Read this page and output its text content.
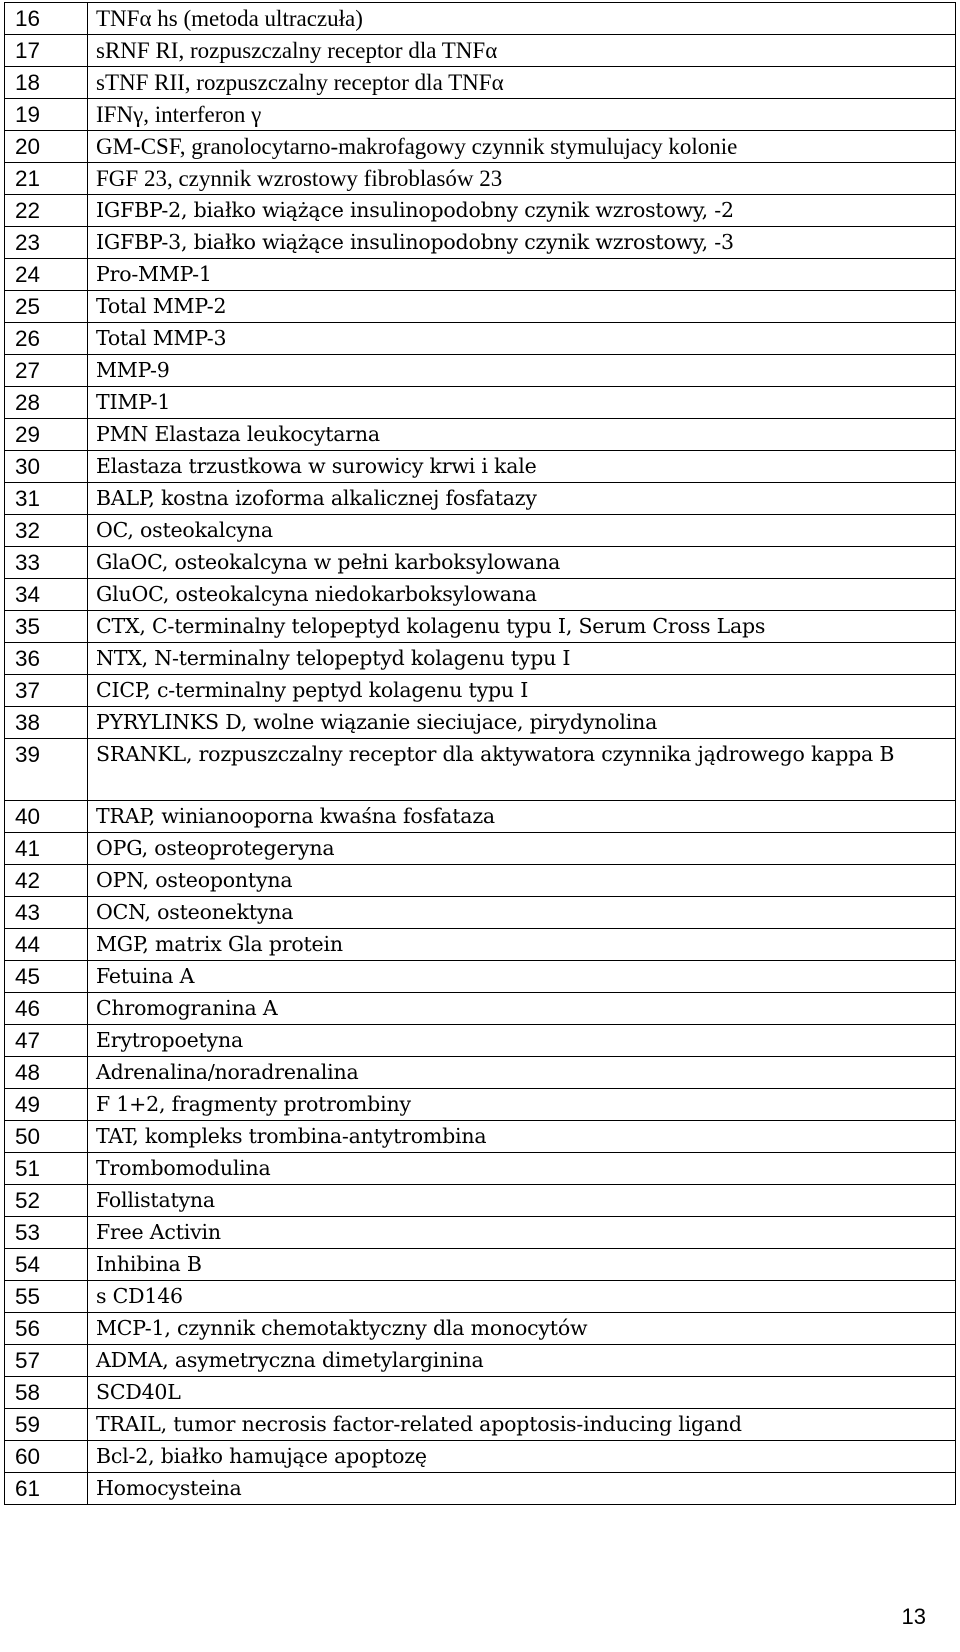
16	TNFα hs (metoda ultraczuła)
17	sRNF RI, rozpuszczalny receptor dla TNFα
18	sTNF RII, rozpuszczalny receptor dla TNFα
19	IFNγ, interferon γ
20	GM-CSF, granolocytarno-makrofagowy czynnik stymulujacy kolonie
21	FGF 23, czynnik wzrostowy fibroblasów 23
22	IGFBP-2, białko wiążące insulinopodobny czynik wzrostowy, -2
23	IGFBP-3, białko wiążące insulinopodobny czynik wzrostowy, -3
24	Pro-MMP-1
25	Total MMP-2
26	Total MMP-3
27	MMP-9
28	TIMP-1
29	PMN Elastaza leukocytarna
30	Elastaza trzustkowa w surowicy krwi i kale
31	BALP, kostna izoforma alkalicznej fosfatazy
32	OC, osteokalcyna
33	GlaOC, osteokalcyna w pełni karboksylowana
34	GluOC, osteokalcyna niedokarboksylowana
35	CTX, C-terminalny telopeptyd kolagenu typu I, Serum Cross Laps
36	NTX, N-terminalny telopeptyd kolagenu typu I
37	CICP, c-terminalny peptyd kolagenu typu I
38	PYRYLINKS D, wolne wiązanie sieciujace, pirydynolina
39	SRANKL, rozpuszczalny receptor dla aktywatora czynnika jądrowego kappa B
40	TRAP, winianooporna kwaśna fosfataza
41	OPG, osteoprotegeryna
42	OPN, osteopontyna
43	OCN, osteonektyna
44	MGP, matrix Gla protein
45	Fetuina A
46	Chromogranina A
47	Erytropoetyna
48	Adrenalina/noradrenalina
49	F 1+2, fragmenty protrombiny
50	TAT, kompleks trombina-antytrombina
51	Trombomodulina
52	Follistatyna
53	Free Activin
54	Inhibina B
55	s CD146
56	MCP-1, czynnik chemotaktyczny dla monocytów
57	ADMA, asymetryczna dimetylarginina
58	SCD40L
59	TRAIL, tumor necrosis factor-related apoptosis-inducing ligand
60	Bcl-2, białko hamujące apoptozę
61	Homocysteina
13
